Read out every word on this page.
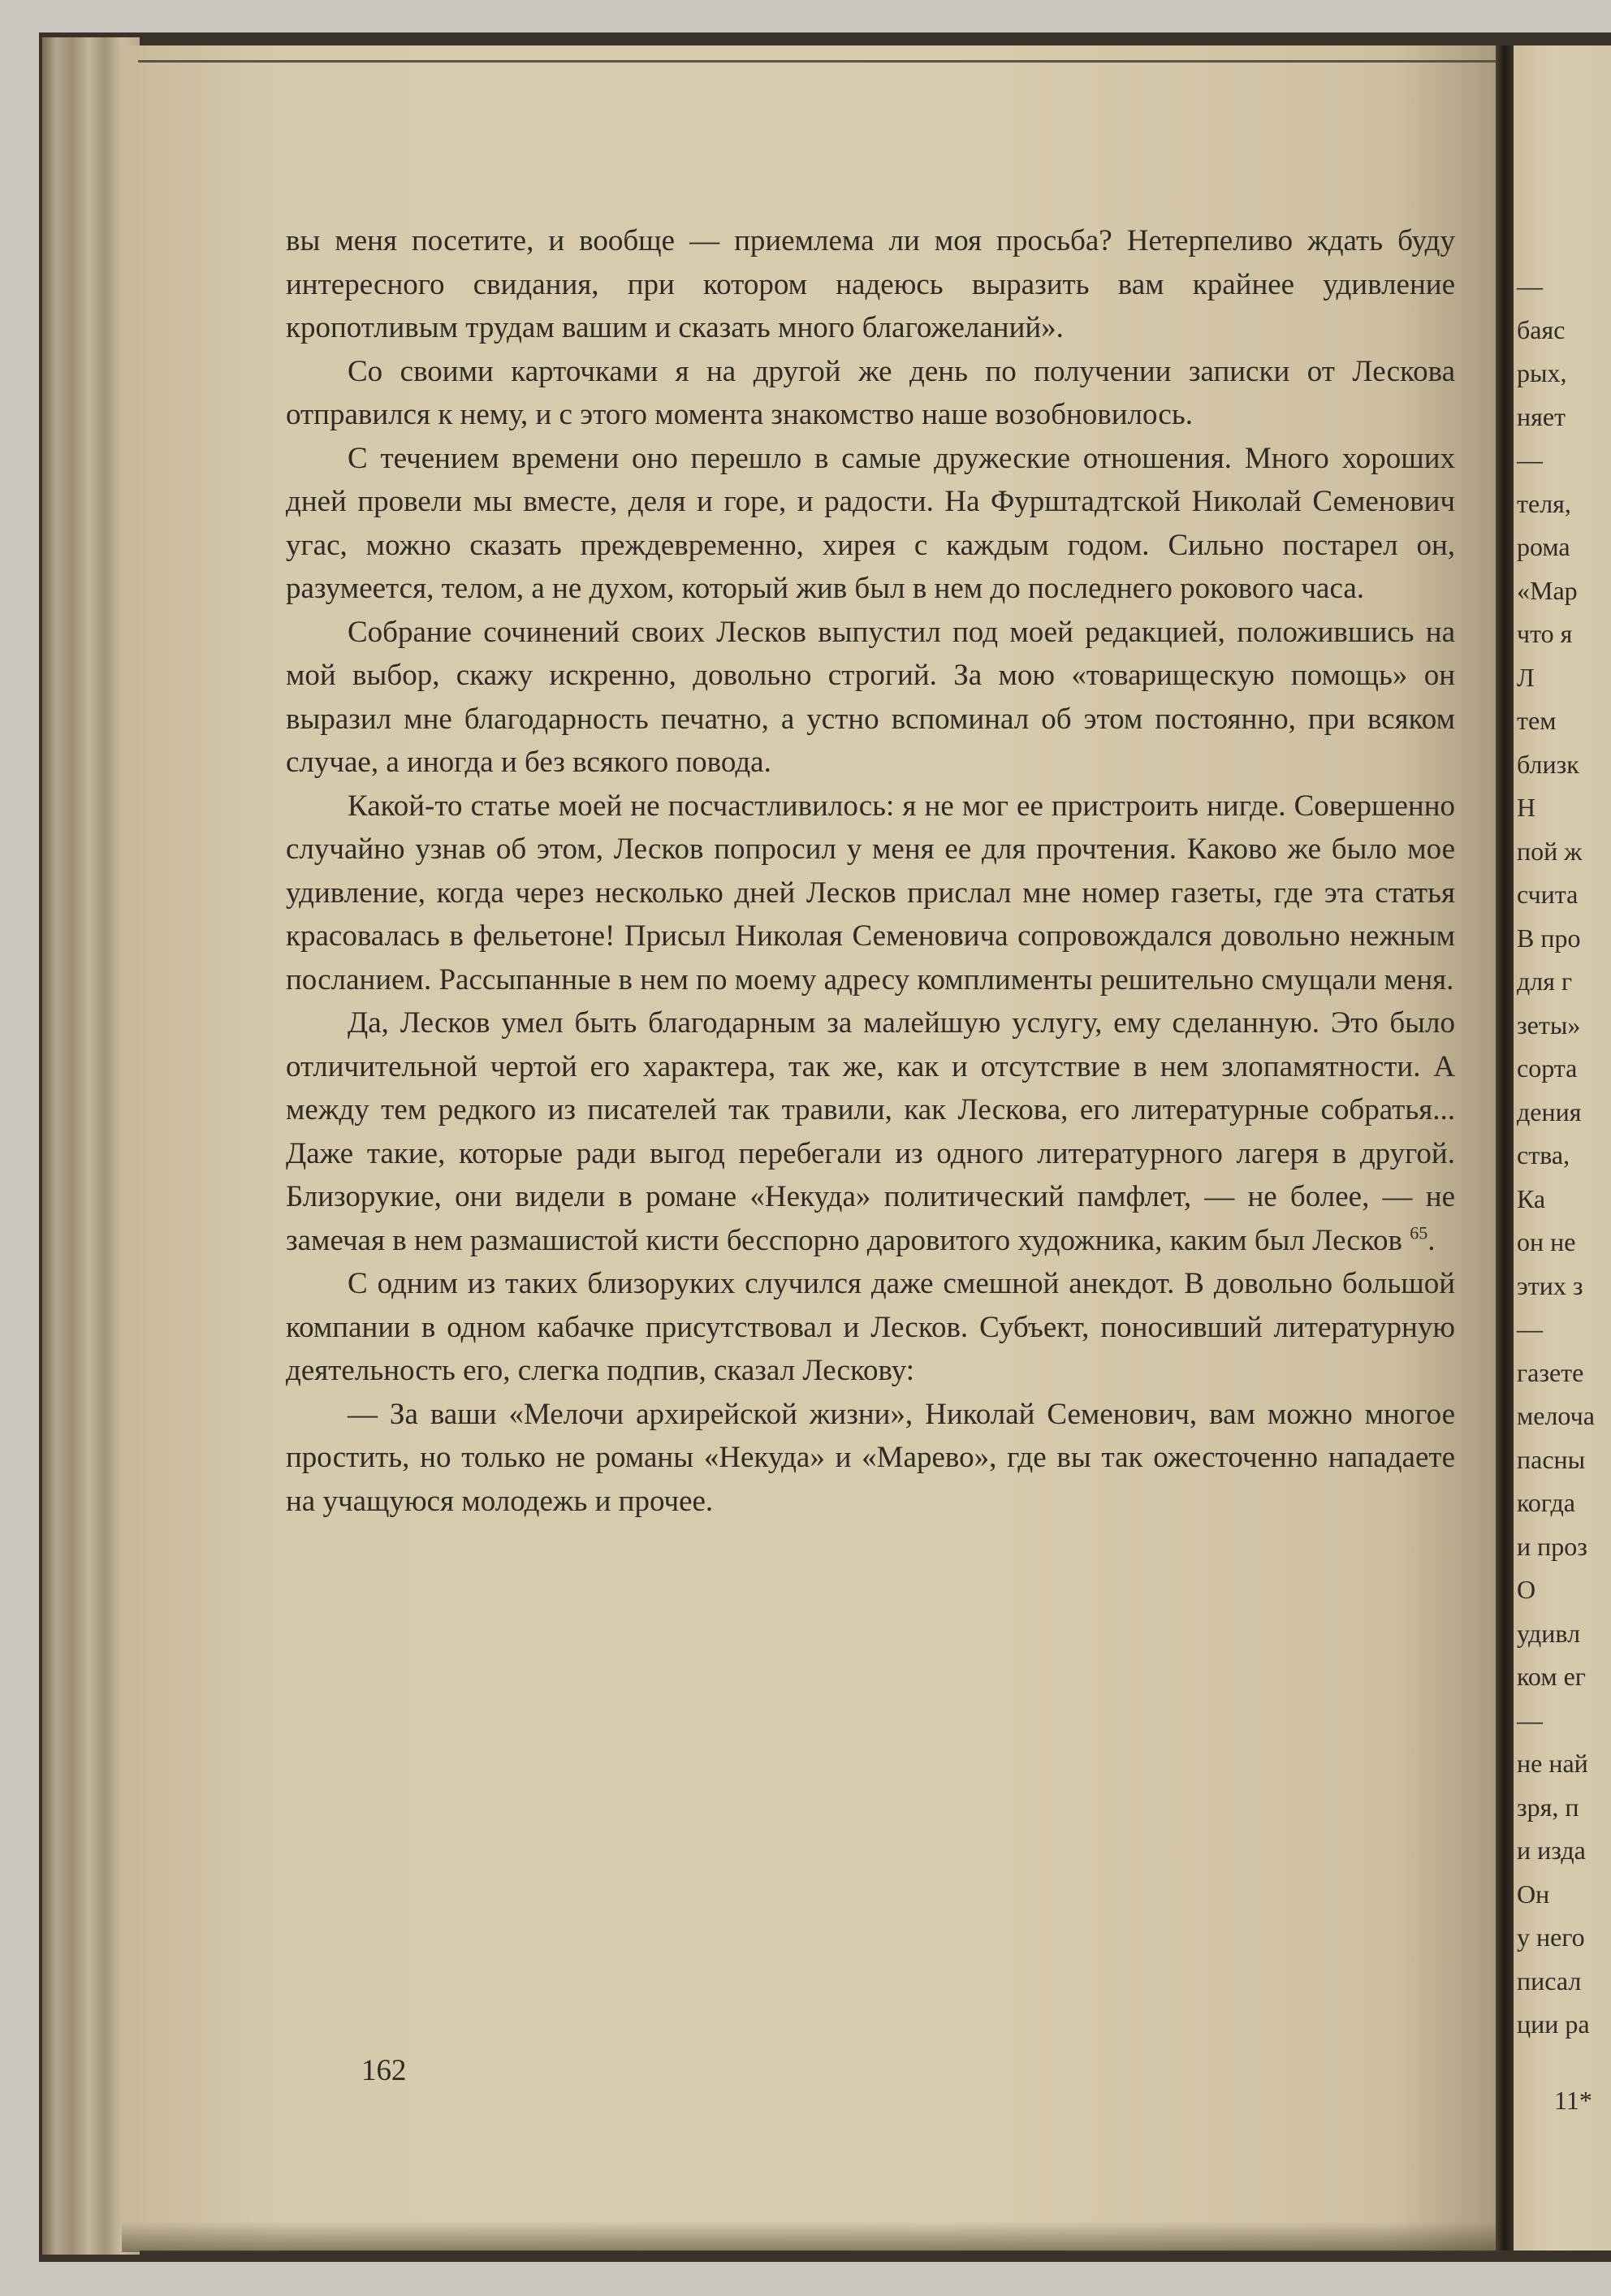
вы меня посетите, и вообще — приемлема ли моя просьба? Нетерпеливо ждать буду интересного свидания, при котором надеюсь выразить вам крайнее удивление кропотливым трудам вашим и сказать много благожеланий».

Со своими карточками я на другой же день по получении записки от Лескова отправился к нему, и с этого момента знакомство наше возобновилось.

С течением времени оно перешло в самые дружеские отношения. Много хороших дней провели мы вместе, деля и горе, и радости. На Фурштадтской Николай Семенович угас, можно сказать преждевременно, хирея с каждым годом. Сильно постарел он, разумеется, телом, а не духом, который жив был в нем до последнего рокового часа.

Собрание сочинений своих Лесков выпустил под моей редакцией, положившись на мой выбор, скажу искренно, довольно строгий. За мою «товарищескую помощь» он выразил мне благодарность печатно, а устно вспоминал об этом постоянно, при всяком случае, а иногда и без всякого повода.

Какой-то статье моей не посчастливилось: я не мог ее пристроить нигде. Совершенно случайно узнав об этом, Лесков попросил у меня ее для прочтения. Каково же было мое удивление, когда через несколько дней Лесков прислал мне номер газеты, где эта статья красовалась в фельетоне! Присыл Николая Семеновича сопровождался довольно нежным посланием. Рассыпанные в нем по моему адресу комплименты решительно смущали меня.

Да, Лесков умел быть благодарным за малейшую услугу, ему сделанную. Это было отличительной чертой его характера, так же, как и отсутствие в нем злопамятности. А между тем редкого из писателей так травили, как Лескова, его литературные собратья... Даже такие, которые ради выгод перебегали из одного литературного лагеря в другой. Близорукие, они видели в романе «Некуда» политический памфлет, — не более, — не замечая в нем размашистой кисти бесспорно даровитого художника, каким был Лесков $^{65}$.

С одним из таких близоруких случился даже смешной анекдот. В довольно большой компании в одном кабачке присутствовал и Лесков. Субъект, поносивший литературную деятельность его, слегка подпив, сказал Лескову:

— За ваши «Мелочи архирейской жизни», Николай Семенович, вам можно многое простить, но только не романы «Некуда» и «Марево», где вы так ожесточенно нападаете на учащуюся молодежь и прочее.

162
—
баяс
рых,
няет
—
теля,
рома
«Мар
что я
Л
тем
близк
Н
пой ж
счита
В про
для г
зеты»
сорта
дения
ства,
Ка
он не
этих з
—
газете
мелоча
пасны
когда
и проз
О
удивл
ком ег
—
не най
зря, п
и изда
Он
у него
писал
ции ра
11*
